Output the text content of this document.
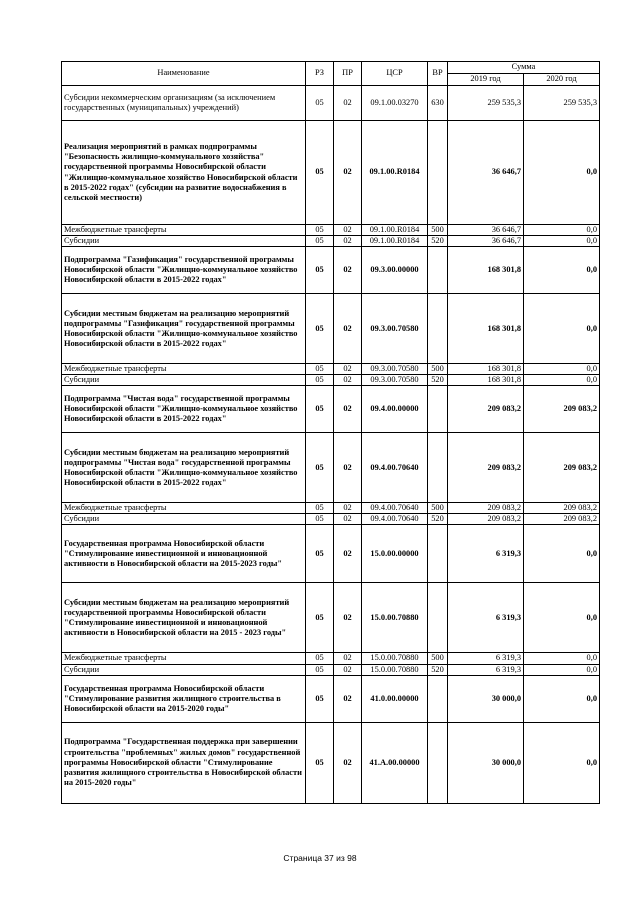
Наименование	РЗ	ПР	ЦСР	ВР	Сумма	
					2019 год	2020 год
Субсидии некоммерческим организациям (за исключением государственных (муниципальных) учреждений)	05	02	09.1.00.03270	630	259 535,3	259 535,3
Реализация мероприятий в рамках подпрограммы "Безопасность жилищно-коммунального хозяйства" государственной программы Новосибирской области "Жилищно-коммунальное хозяйство Новосибирской области в 2015-2022 годах" (субсидии на развитие водоснабжения в сельской местности)	05	02	09.1.00.R0184		36 646,7	0,0
Межбюджетные трансферты	05	02	09.1.00.R0184	500	36 646,7	0,0
Субсидии	05	02	09.1.00.R0184	520	36 646,7	0,0
Подпрограмма "Газификация" государственной программы Новосибирской области "Жилищно-коммунальное хозяйство Новосибирской области в 2015-2022 годах"	05	02	09.3.00.00000		168 301,8	0,0
Субсидии местным бюджетам на реализацию мероприятий подпрограммы "Газификация" государственной программы Новосибирской области "Жилищно-коммунальное хозяйство Новосибирской области в 2015-2022 годах"	05	02	09.3.00.70580		168 301,8	0,0
Межбюджетные трансферты	05	02	09.3.00.70580	500	168 301,8	0,0
Субсидии	05	02	09.3.00.70580	520	168 301,8	0,0
Подпрограмма "Чистая вода" государственной программы Новосибирской области "Жилищно-коммунальное хозяйство Новосибирской области в 2015-2022 годах"	05	02	09.4.00.00000		209 083,2	209 083,2
Субсидии местным бюджетам на реализацию мероприятий подпрограммы "Чистая вода" государственной программы Новосибирской области "Жилищно-коммунальное хозяйство Новосибирской области в 2015-2022 годах"	05	02	09.4.00.70640		209 083,2	209 083,2
Межбюджетные трансферты	05	02	09.4.00.70640	500	209 083,2	209 083,2
Субсидии	05	02	09.4.00.70640	520	209 083,2	209 083,2
Государственная программа Новосибирской области "Стимулирование инвестиционной и инновационной активности в Новосибирской области на 2015-2023 годы"	05	02	15.0.00.00000		6 319,3	0,0
Субсидии местным бюджетам на реализацию мероприятий государственной программы Новосибирской области "Стимулирование инвестиционной и инновационной активности в Новосибирской области на 2015 - 2023 годы"	05	02	15.0.00.70880		6 319,3	0,0
Межбюджетные трансферты	05	02	15.0.00.70880	500	6 319,3	0,0
Субсидии	05	02	15.0.00.70880	520	6 319,3	0,0
Государственная программа Новосибирской области "Стимулирование развития жилищного строительства в Новосибирской области на 2015-2020 годы"	05	02	41.0.00.00000		30 000,0	0,0
Подпрограмма "Государственная поддержка при завершении строительства "проблемных" жилых домов" государственной программы Новосибирской области "Стимулирование развития жилищного строительства в Новосибирской области на 2015-2020 годы"	05	02	41.А.00.00000		30 000,0	0,0
Страница 37 из 98
